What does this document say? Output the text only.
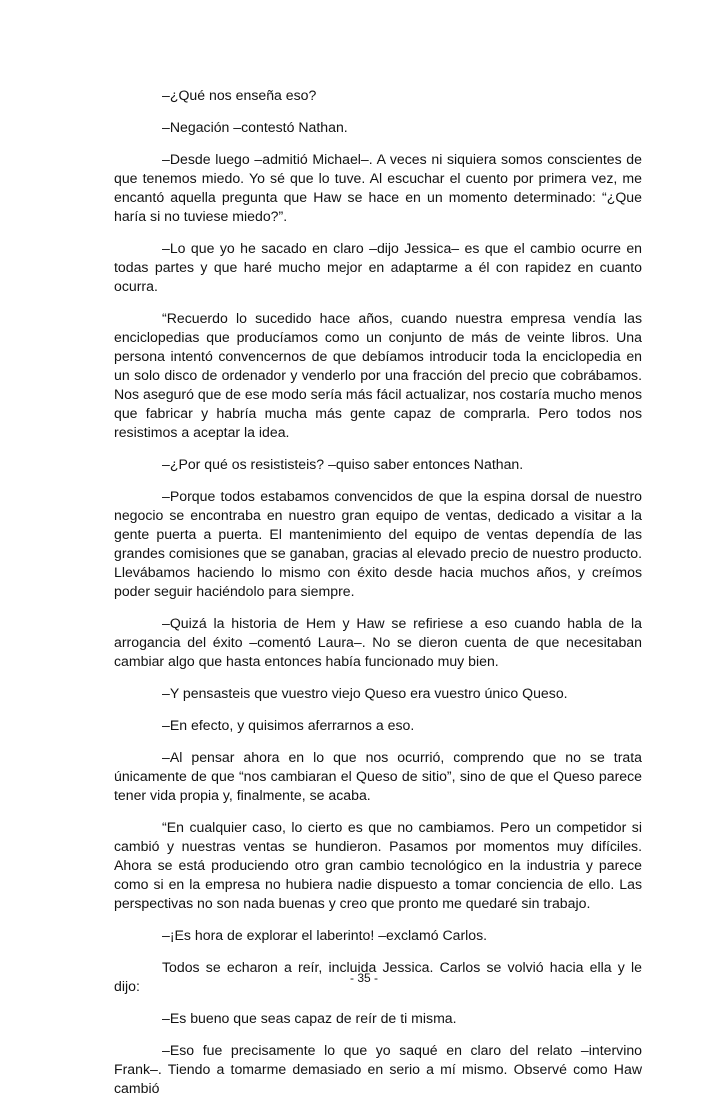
–¿Qué nos enseña eso?

–Negación –contestó Nathan.

–Desde luego –admitió Michael–. A veces ni siquiera somos conscientes de que tenemos miedo. Yo sé que lo tuve. Al escuchar el cuento por primera vez, me encantó aquella pregunta que Haw se hace en un momento determinado: “¿Que haría si no tuviese miedo?”.

–Lo que yo he sacado en claro –dijo Jessica– es que el cambio ocurre en todas partes y que haré mucho mejor en adaptarme a él con rapidez en cuanto ocurra.

“Recuerdo lo sucedido hace años, cuando nuestra empresa vendía las enciclopedias que producíamos como un conjunto de más de veinte libros. Una persona intentó convencernos de que debíamos introducir toda la enciclopedia en un solo disco de ordenador y venderlo por una fracción del precio que cobrábamos. Nos aseguró que de ese modo sería más fácil actualizar, nos costaría mucho menos que fabricar y habría mucha más gente capaz de comprarla. Pero todos nos resistimos a aceptar la idea.

–¿Por qué os resististeis? –quiso saber entonces Nathan.

–Porque todos estabamos convencidos de que la espina dorsal de nuestro negocio se encontraba en nuestro gran equipo de ventas, dedicado a visitar a la gente puerta a puerta. El mantenimiento del equipo de ventas dependía de las grandes comisiones que se ganaban, gracias al elevado precio de nuestro producto. Llevábamos haciendo lo mismo con éxito desde hacia muchos años, y creímos poder seguir haciéndolo para siempre.

–Quizá la historia de Hem y Haw se refiriese a eso cuando habla de la arrogancia del éxito –comentó Laura–. No se dieron cuenta de que necesitaban cambiar algo que hasta entonces había funcionado muy bien.

–Y pensasteis que vuestro viejo Queso era vuestro único Queso.

–En efecto, y quisimos aferrarnos a eso.

–Al pensar ahora en lo que nos ocurrió, comprendo que no se trata únicamente de que “nos cambiaran el Queso de sitio”, sino de que el Queso parece tener vida propia y, finalmente, se acaba.

“En cualquier caso, lo cierto es que no cambiamos. Pero un competidor si cambió y nuestras ventas se hundieron. Pasamos por momentos muy difíciles. Ahora se está produciendo otro gran cambio tecnológico en la industria y parece como si en la empresa no hubiera nadie dispuesto a tomar conciencia de ello. Las perspectivas no son nada buenas y creo que pronto me quedaré sin trabajo.

–¡Es hora de explorar el laberinto! –exclamó Carlos.

Todos se echaron a reír, incluida Jessica. Carlos se volvió hacia ella y le dijo:

–Es bueno que seas capaz de reír de ti misma.

–Eso fue precisamente lo que yo saqué en claro del relato –intervino Frank–. Tiendo a tomarme demasiado en serio a mí mismo. Observé como Haw cambió

- 35 -
